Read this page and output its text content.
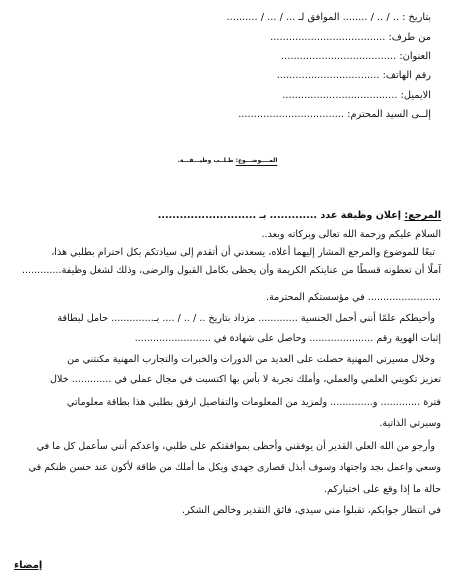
بتاريخ : .. / .. / ........ الموافق لـ ... / ... / ..........
من طرف: .....................................
العنوان: .....................................
رقم الهاتف: .................................
الايميل: .....................................
إلــى السيد المحترم: ..................................
المــــوضـــوع: طـلــب وظيـــفـــة.
المرجع: إعلان وظيفة عدد ............. بـ ...........................
السلام عليكم ورحمة الله تعالى وبركاته وبعد..
تبعًا للموضوع والمرجع المشار إليهما أعلاه، يسعدني أن أتقدم إلى سيادتكم بكل احترام بطلبي هذا،
آملًا أن تعطونه قسطًا من عنايتكم الكريمة وأن يحظى بكامل القبول والرضى، وذلك لشغل وظيفة.............
........................ في مؤسستكم المحترمة.
وأحيطكم علمًا أنني أحمل الجنسية ............. مزداد بتاريخ .. / .. / .... بـ.............. حامل لبطاقة
إثبات الهوية رقم ..................... وحاصل على شهادة في .........................
وخلال مسيرتي المهنية حصلت على العديد من الدورات والخبرات والتجارب المهنية مكنتني من
تعزيز تكويني العلمي والعملي، وأملك تجربة لا بأس بها اكتسبت في مجال عملي في ............. خلال
فترة ............. و.............. ولمزيد من المعلومات والتفاصيل ارفق بطلبي هذا بطاقة معلوماتي
وسيرتي الذاتية.
وأرجو من الله العلي القدير أن يوفقني وأحظى بموافقتكم على طلبي، واعدكم أنني سأعمل كل ما في
وسعي واعمل بجد واجتهاد وسوف أبذل قصارى جهدي ويكل ما أملك من طاقة لأكون عند حسن ظنكم في
حالة ما إذا وقع على اختياركم.
في انتظار جوابكم، تقبلوا مني سيدي، فائق التقدير وخالص الشكر.
إمضاء
